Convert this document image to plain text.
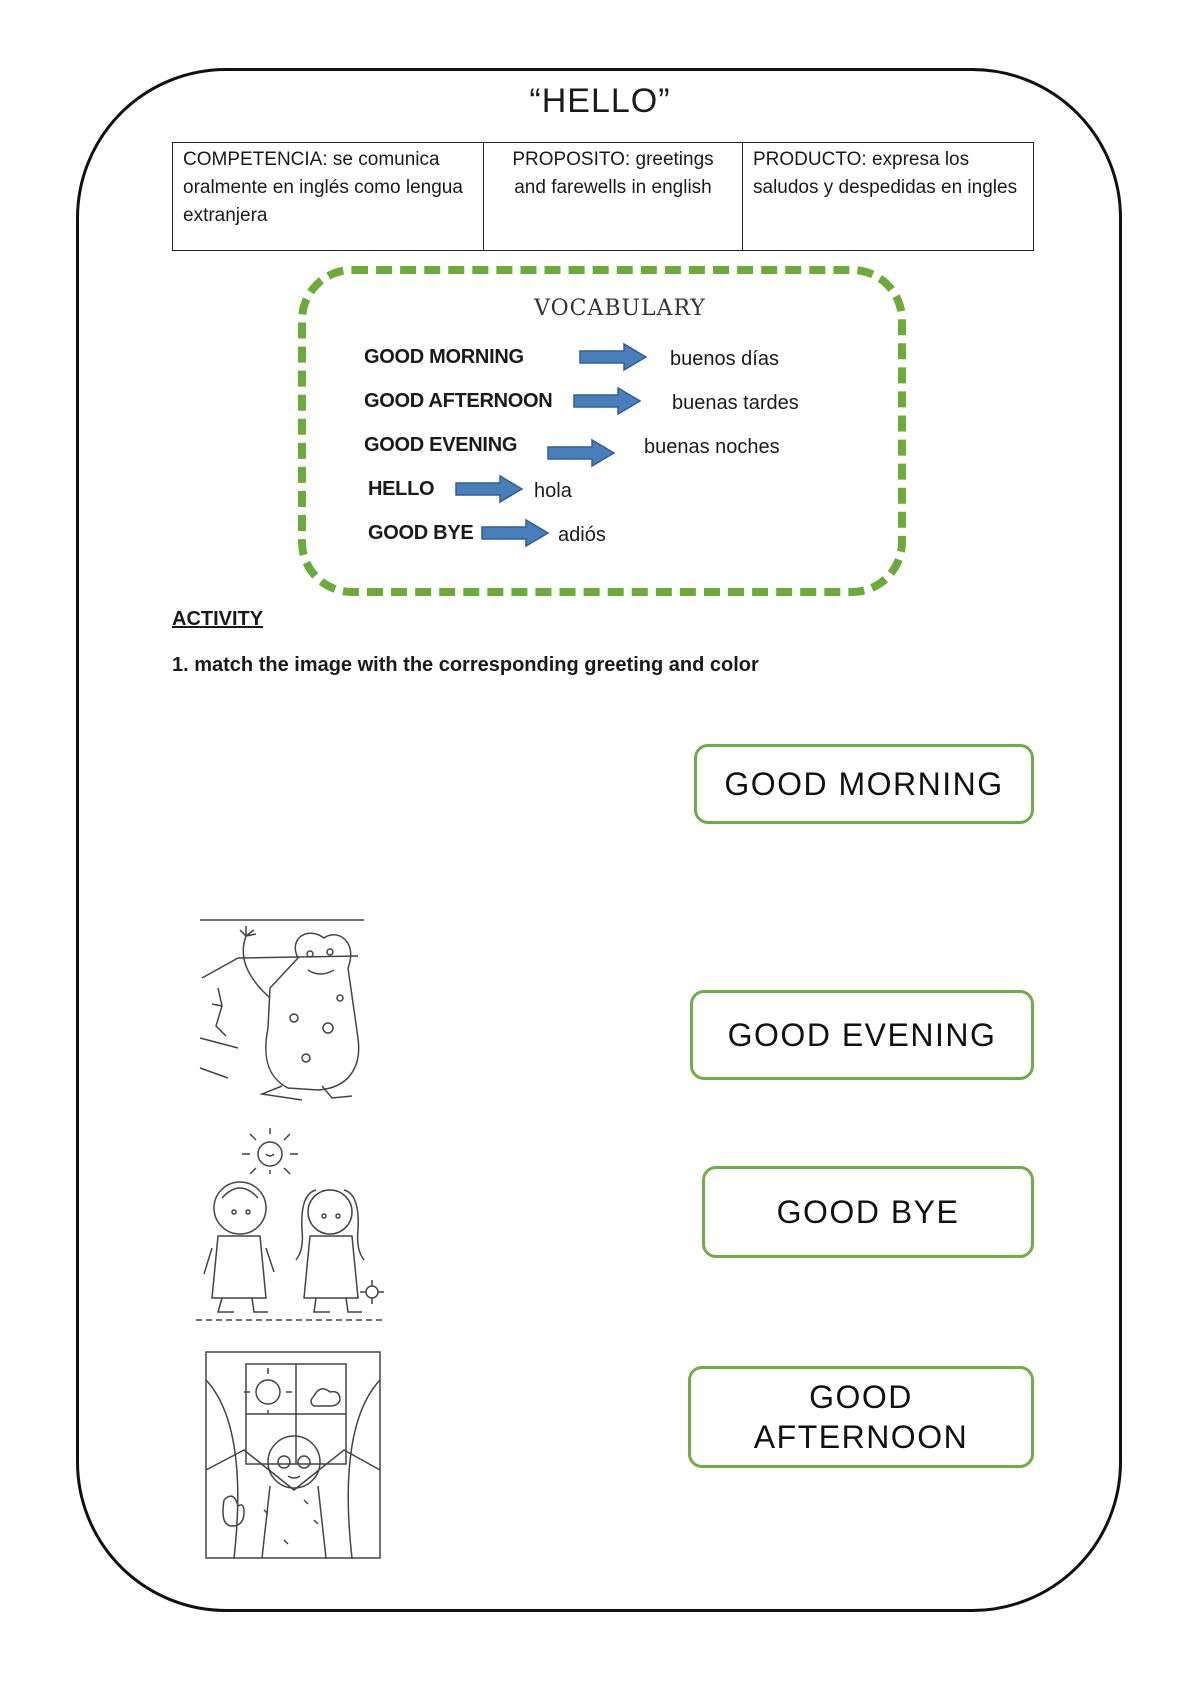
“HELLO”
COMPETENCIA: se comunica oralmente en inglés como lengua extranjera	PROPOSITO: greetings and farewells in english	PRODUCTO: expresa los saludos y despedidas en ingles
VOCABULARY
GOOD MORNING	buenos días
GOOD AFTERNOON	buenas tardes
GOOD EVENING	buenas noches
HELLO	hola
GOOD BYE	adiós
ACTIVITY
1. match the image with the corresponding greeting and color
GOOD MORNING
GOOD EVENING
GOOD BYE
GOOD AFTERNOON
